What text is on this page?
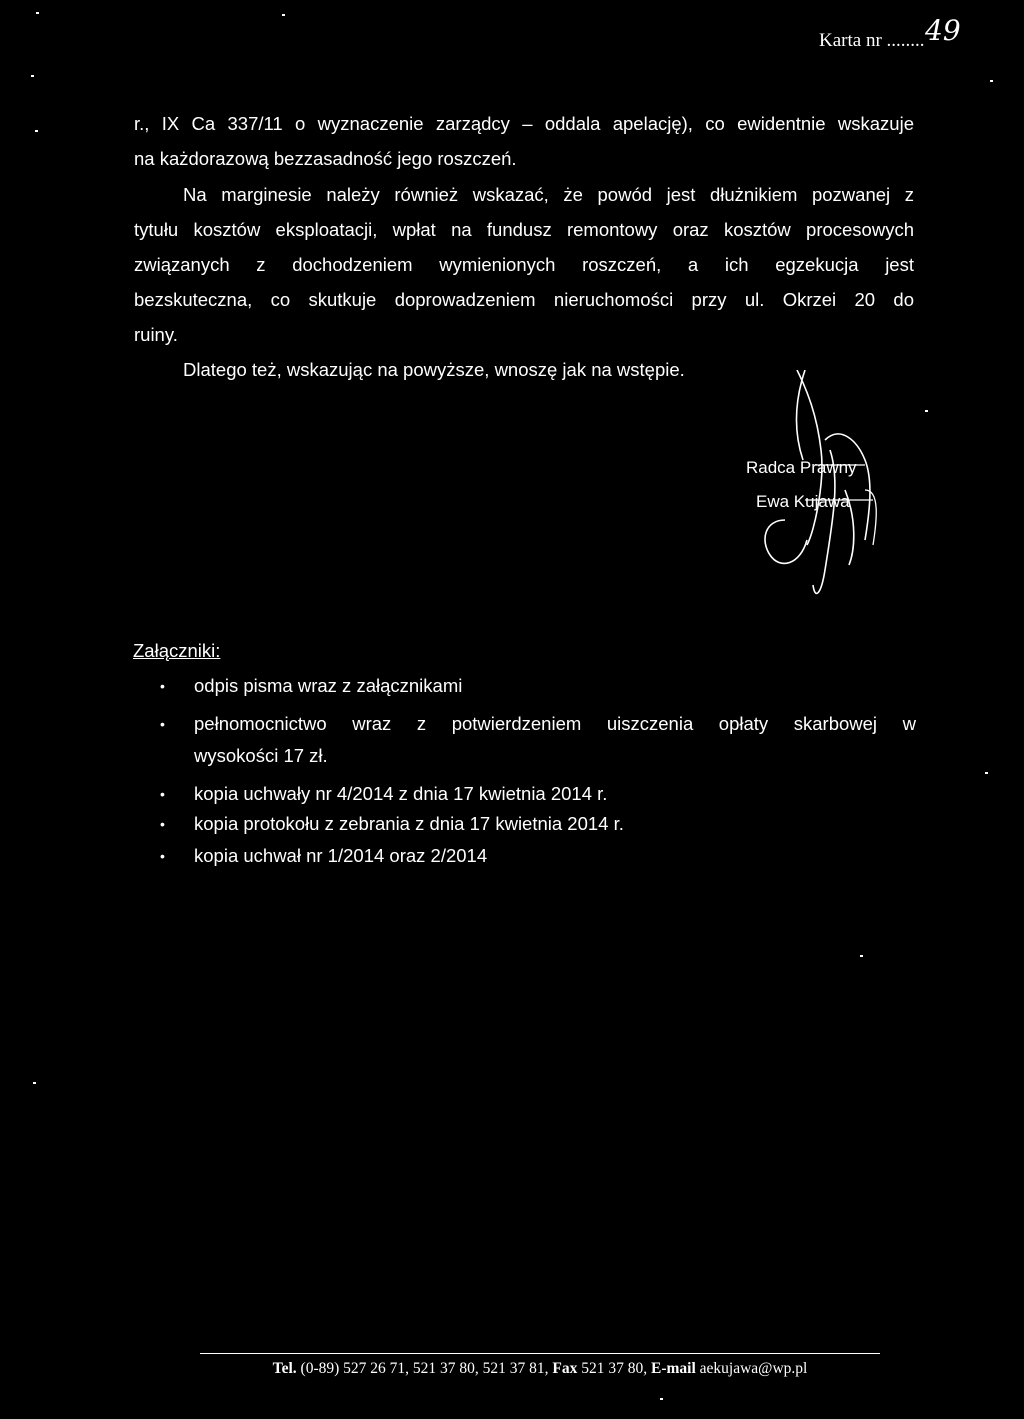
Karta nr ........ 49
r., IX Ca 337/11 o wyznaczenie zarządcy – oddala apelację), co ewidentnie wskazuje
na każdorazową bezzasadność jego roszczeń.
Na marginesie należy również wskazać, że powód jest dłużnikiem pozwanej z
tytułu kosztów eksploatacji, wpłat na fundusz remontowy oraz kosztów procesowych
związanych z dochodzeniem wymienionych roszczeń, a ich egzekucja jest
bezskuteczna, co skutkuje doprowadzeniem nieruchomości przy ul. Okrzei 20 do
ruiny.
Dlatego też, wskazując na powyższe, wnoszę jak na wstępie.
Radca Prawny
Ewa Kujawa
Załączniki:
• odpis pisma wraz z załącznikami
• pełnomocnictwo wraz z potwierdzeniem uiszczenia opłaty skarbowej w
wysokości 17 zł.
• kopia uchwały nr 4/2014 z dnia 17 kwietnia 2014 r.
• kopia protokołu z zebrania z dnia 17 kwietnia 2014 r.
• kopia uchwał nr 1/2014 oraz 2/2014
Tel. (0-89) 527 26 71, 521 37 80, 521 37 81, Fax 521 37 80, E-mail aekujawa@wp.pl
